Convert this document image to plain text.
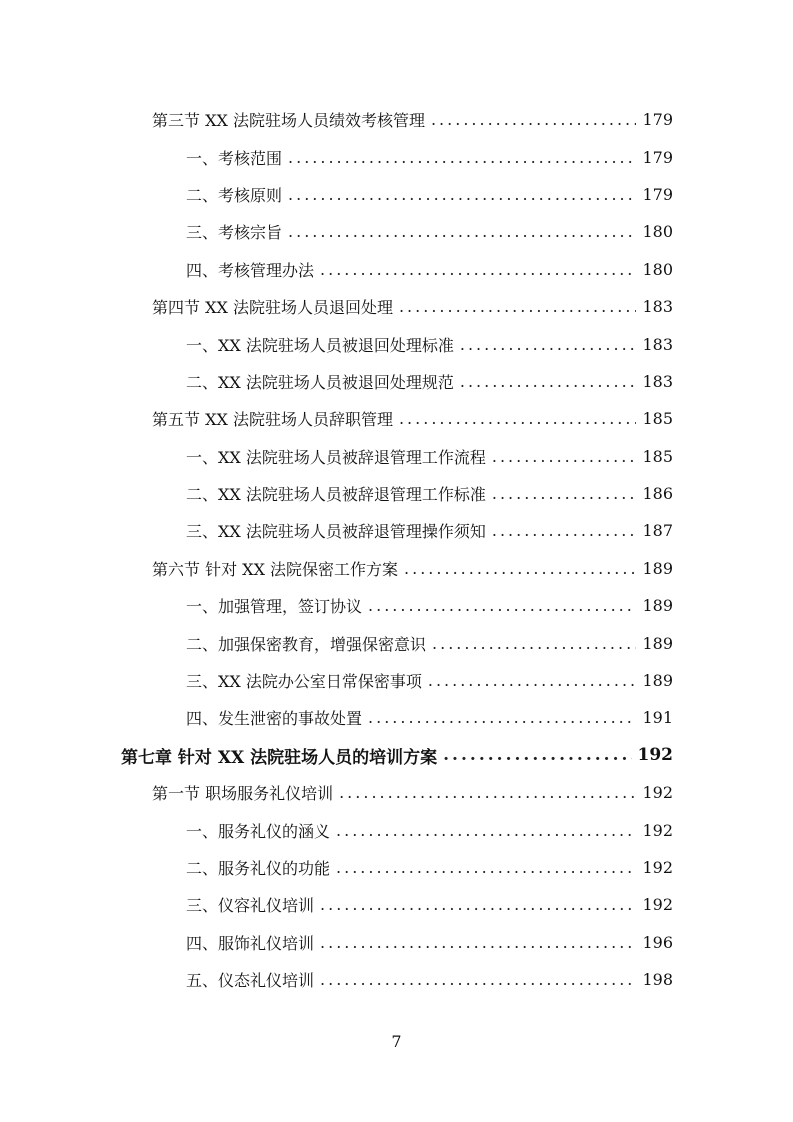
第三节 XX 法院驻场人员绩效考核管理 .....	179
一、考核范围 .....	179
二、考核原则 .....	179
三、考核宗旨 .....	180
四、考核管理办法 .....	180
第四节 XX 法院驻场人员退回处理 .....	183
一、XX 法院驻场人员被退回处理标准 .....	183
二、XX 法院驻场人员被退回处理规范 .....	183
第五节 XX 法院驻场人员辞职管理 .....	185
一、XX 法院驻场人员被辞退管理工作流程 .....	185
二、XX 法院驻场人员被辞退管理工作标准 .....	186
三、XX 法院驻场人员被辞退管理操作须知 .....	187
第六节 针对 XX 法院保密工作方案 .....	189
一、加强管理，签订协议 .....	189
二、加强保密教育，增强保密意识 .....	189
三、XX 法院办公室日常保密事项 .....	189
四、发生泄密的事故处置 .....	191
第七章 针对 XX 法院驻场人员的培训方案 .....	192
第一节 职场服务礼仪培训 .....	192
一、服务礼仪的涵义 .....	192
二、服务礼仪的功能 .....	192
三、仪容礼仪培训 .....	192
四、服饰礼仪培训 .....	196
五、仪态礼仪培训 .....	198
7
